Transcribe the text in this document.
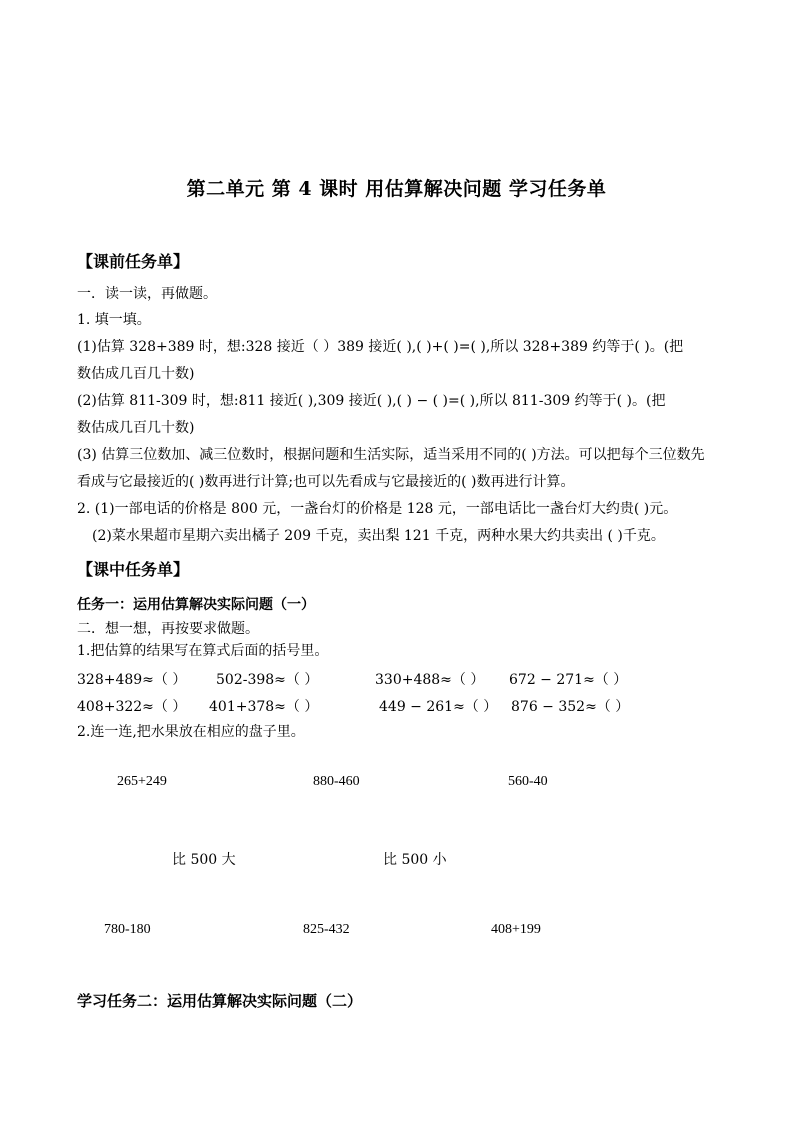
第二单元 第 4 课时 用估算解决问题 学习任务单
【课前任务单】
一．读一读，再做题。
1. 填一填。
(1)估算 328+389 时，想:328 接近（ ）389 接近( ),( )+( )=( ),所以 328+389 约等于( )。(把
数估成几百几十数)
(2)估算 811-309 时，想:811 接近( ),309 接近( ),( ) − ( )=( ),所以 811-309 约等于( )。(把
数估成几百几十数)
(3) 估算三位数加、减三位数时，根据问题和生活实际，适当采用不同的( )方法。可以把每个三位数先
看成与它最接近的( )数再进行计算;也可以先看成与它最接近的( )数再进行计算。
2. (1)一部电话的价格是 800 元，一盏台灯的价格是 128 元，一部电话比一盏台灯大约贵( )元。
(2)菜水果超市星期六卖出橘子 209 千克，卖出梨 121 千克，两种水果大约共卖出 ( )千克。
【课中任务单】
任务一：运用估算解决实际问题（一）
二．想一想，再按要求做题。
1.把估算的结果写在算式后面的括号里。
328+489≈（ ） 502-398≈（ ）	330+488≈（ ） 672 − 271≈（ ）
408+322≈（ ） 401+378≈（ ）	449 − 261≈（ ） 876 − 352≈（ ）
2.连一连,把水果放在相应的盘子里。
265+249	880-460	560-40
比 500 大	比 500 小
780-180	825-432	408+199
学习任务二：运用估算解决实际问题（二）
